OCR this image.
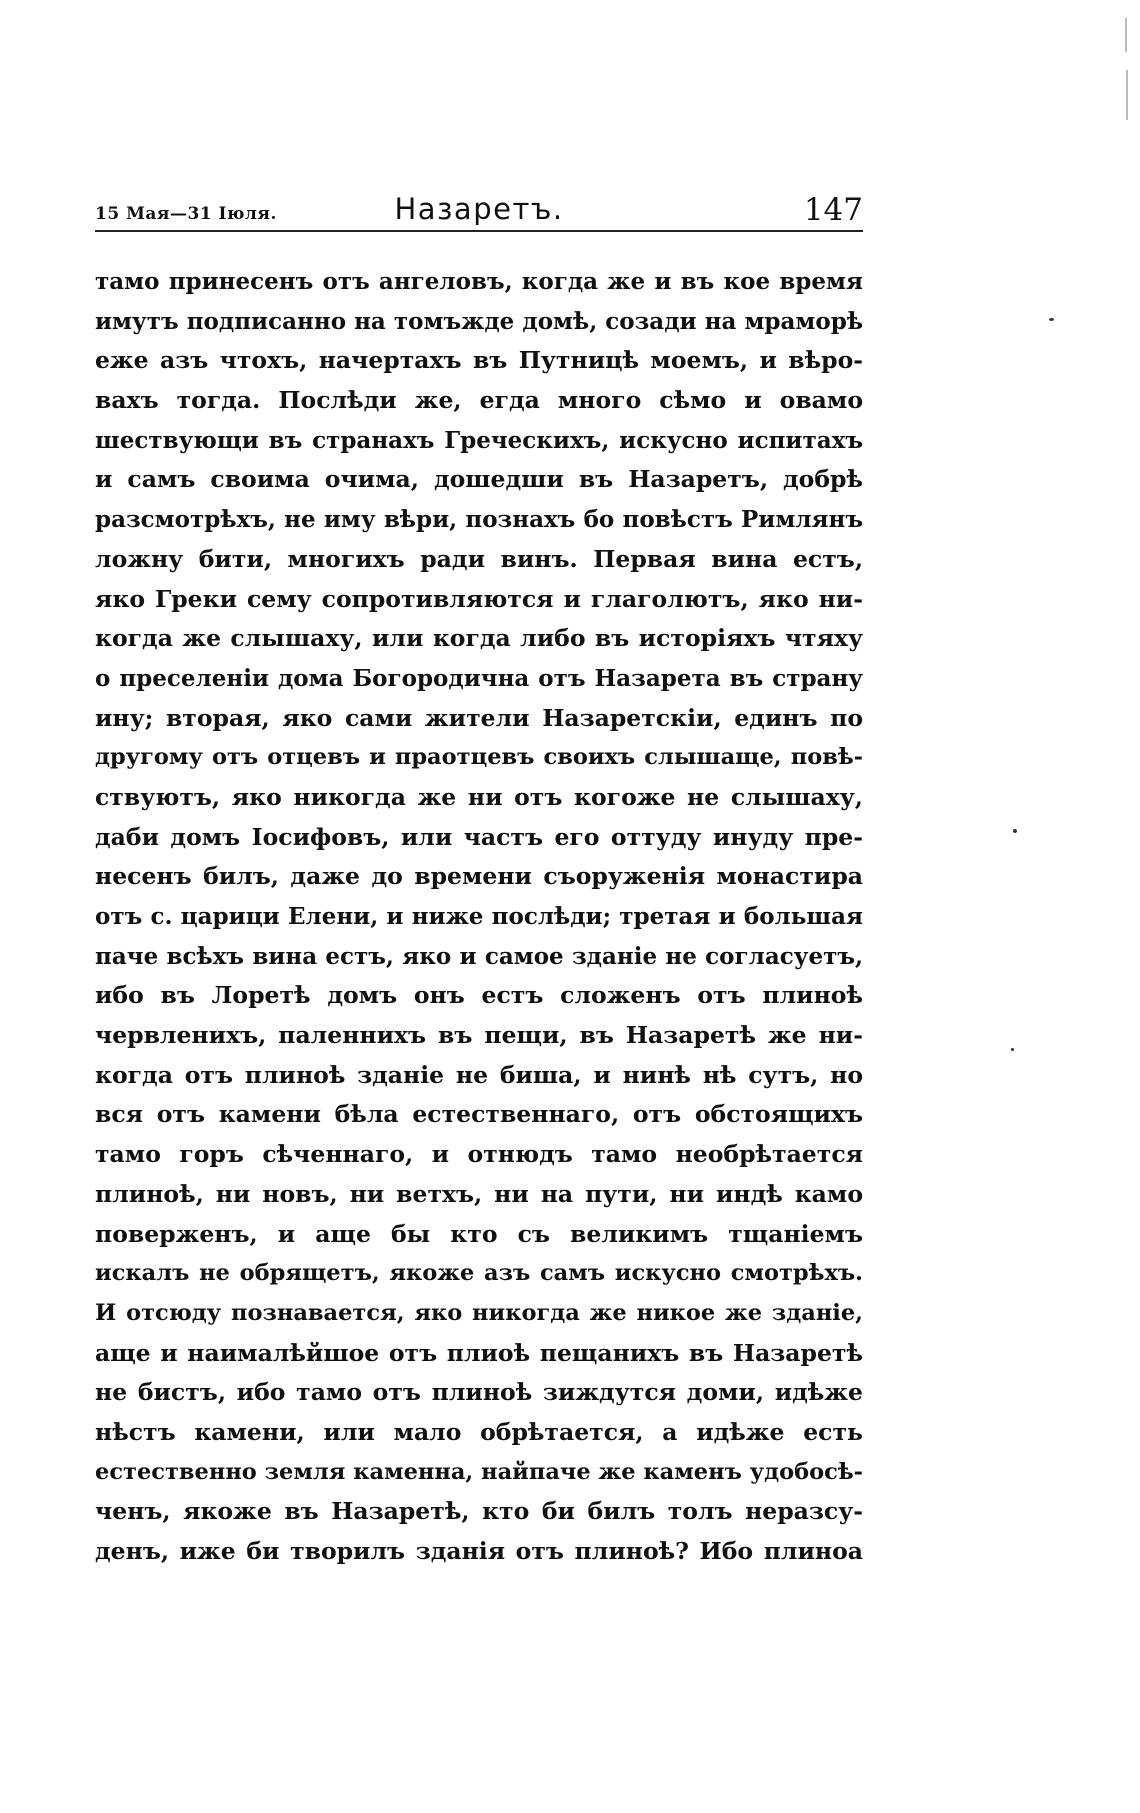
15 Мая—31 Іюля.	Назаретъ.	147
тамо принесенъ отъ ангеловъ, когда же и въ кое время
имутъ подписанно на томъжде домѣ, созади на мраморѣ
еже азъ чтохъ, начертахъ въ Путницѣ моемъ, и вѣро-
вахъ тогда. Послѣди же, егда много сѣмо и овамо
шествующи въ странахъ Греческихъ, искусно испитахъ
и самъ своима очима, дошедши въ Назаретъ, добрѣ
разсмотрѣхъ, не иму вѣри, познахъ бо повѣстъ Римлянъ
ложну бити, многихъ ради винъ. Первая вина естъ,
яко Греки сему сопротивляются и глаголютъ, яко ни-
когда же слышаху, или когда либо въ исторіяхъ чтяху
о преселеніи дома Богородична отъ Назарета въ страну
ину; вторая, яко сами жители Назаретскіи, единъ по
другому отъ отцевъ и праотцевъ своихъ слышаще, повѣ-
ствуютъ, яко никогда же ни отъ когоже не слышаху,
даби домъ Іосифовъ, или частъ его оттуду инуду пре-
несенъ билъ, даже до времени съоруженія монастира
отъ с. царици Елени, и ниже послѣди; третая и большая
паче всѣхъ вина естъ, яко и самое зданіе не согласуетъ,
ибо въ Лоретѣ домъ онъ естъ сложенъ отъ плиноѣ
червленихъ, паленнихъ въ пещи, въ Назаретѣ же ни-
когда отъ плиноѣ зданіе не биша, и нинѣ нѣ сутъ, но
вся отъ камени бѣла естественнаго, отъ обстоящихъ
тамо горъ сѣченнаго, и отнюдъ тамо необрѣтается
плиноѣ, ни новъ, ни ветхъ, ни на пути, ни индѣ камо
поверженъ, и аще бы кто съ великимъ тщаніемъ
искалъ не обрящетъ, якоже азъ самъ искусно смотрѣхъ.
И отсюду познавается, яко никогда же никое же зданіе,
аще и наималѣйшое отъ плиоѣ пещанихъ въ Назаретѣ
не бистъ, ибо тамо отъ плиноѣ зиждутся доми, идѣже
нѣстъ камени, или мало обрѣтается, а идѣже есть
естественно земля каменна, найпаче же каменъ удобосѣ-
ченъ, якоже въ Назаретѣ, кто би билъ толъ неразсу-
денъ, иже би творилъ зданія отъ плиноѣ? Ибо плиноа
